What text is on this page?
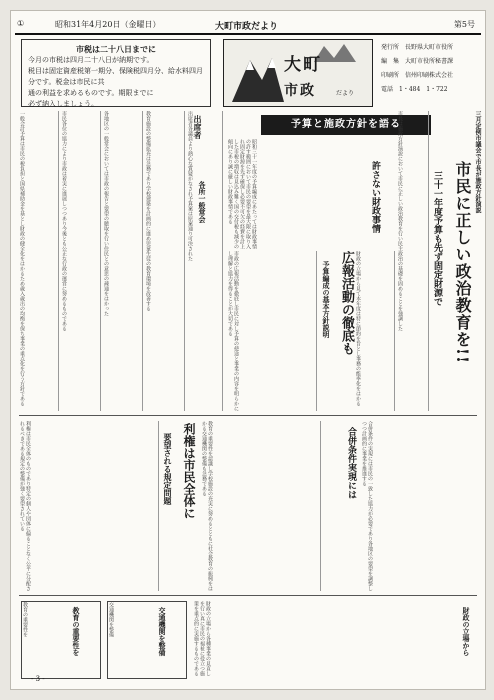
①	昭和31年4月20日（金曜日）	大町市政だより	第5号
市税は二十八日までに
今月の市税は四月二十八日が納期です。
税目は固定資産税第一期分、保険税四月分、給水料四月分です。税金は市民に共
通の利益を求めるものです。期限までに
必ず納入しましょう。
大町
市政	だより
発行所　長野県大町市役所
編　集　大町市役所秘書課
印刷所　信州印刷株式会社
電話　1・484　1・722
予算と施政方針を語る
一般会計予算は市民の税負担と国県補助金を基とし財政の健全化をはかるため歳入歳出の均衡を保ち事業の重点化を行う方針である	市民各位の協力により市政は着実に進展しつつあり今後とも公正な行政の運営に努めるものである	各地区の一般常会においては市政の報告と要望の聴取を行い住民との意思の疎通をはかった	教育施設の整備拡充は急務であり学校建築を計画的に進め児童生徒の教育環境を改善する	出席者各議員より熱心な質疑がなされ予算案は原案通り可決された 出席者
各所一般常会	昭和三十一年度の予算編成にあたっては財政事情の許す範囲において市民の要望を最大限に取り入れ固定財源を先ず確保し必要不可欠の経費を計上した市税の増収は見込み難く国の交付税も減少の傾向にあり誠に厳しい財政事情である	許さない財政事情
広報活動の徹底も
予算編成の基本方針説明
市政の広報活動を徹底し市民に対し予算の使途と事業の内容を明らかにし理解と協力を得ることが大切である	財政の立場から見て本年度は特に節約を旨とし事務の能率化をはかる	市民に正しい政治教育を!!
三十一年度予算も先ず固定財源で
三月定例市議会で市長が施政方針演説
市長は施政方針演説において市民に正しい政治教育を行い民主政治の基礎を固めることを強調した
利権は市民全体に
要望される規定問題
利権は市民全体のものであり特定の個人や団体に偏ることなく公平に分配されるべきである規定の整備が強く要望されている	教育の重要性を認識し学校施設の充実に努めるとともに社会教育の振興をはかる交通機関の整備も急務である	合併条件実現には	合併条件の実現には市民の一致した協力が必要であり各地区の要望を調整しつつ計画的に事業を推進する
教育の重要性を	交通機関を整備	財政の立場から各種事業の見直しを行い真に市民の福祉に役立つ施策を重点的に実施するものである
教育の重要性を	交通機関を整備	財政の立場から
- 3 -
